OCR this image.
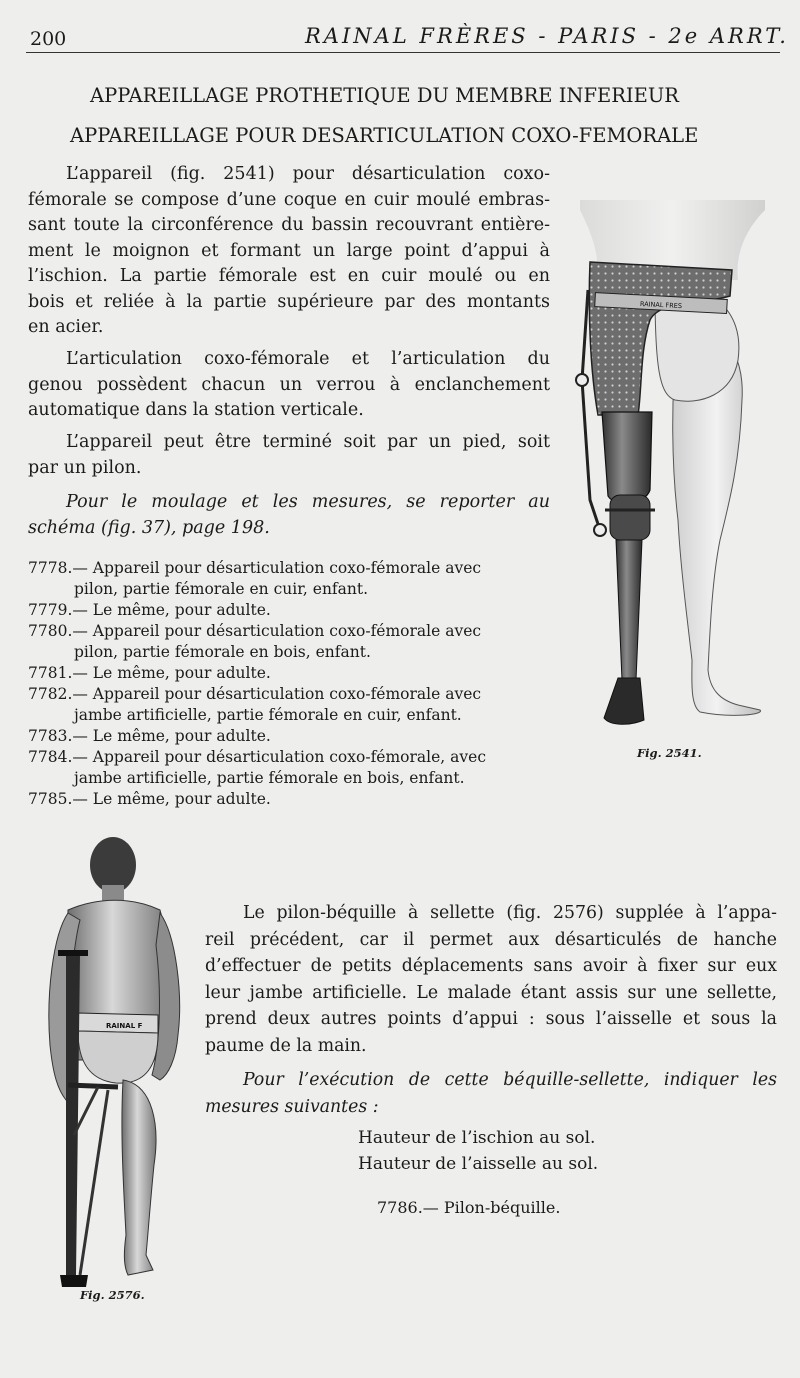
200	RAINAL FRÈRES - PARIS - 2e ARRT.
APPAREILLAGE PROTHETIQUE DU MEMBRE INFERIEUR
APPAREILLAGE POUR DESARTICULATION COXO-FEMORALE
L’appareil (fig. 2541) pour désarticulation coxo-
fémorale se compose d’une coque en cuir moulé embras-
sant toute la circonférence du bassin recouvrant entière-
ment le moignon et formant un large point d’appui à
l’ischion. La partie fémorale est en cuir moulé ou en
bois et reliée à la partie supérieure par des montants
en acier.
L’articulation coxo-fémorale et l’articulation du
genou possèdent chacun un verrou à enclanchement
automatique dans la station verticale.
L’appareil peut être terminé soit par un pied, soit
par un pilon.
Pour le moulage et les mesures, se reporter au
schéma (fig. 37), page 198.
7778.— Appareil pour désarticulation coxo-fémorale avec
pilon, partie fémorale en cuir, enfant.
7779.— Le même, pour adulte.
7780.— Appareil pour désarticulation coxo-fémorale avec
pilon, partie fémorale en bois, enfant.
7781.— Le même, pour adulte.
7782.— Appareil pour désarticulation coxo-fémorale avec
jambe artificielle, partie fémorale en cuir, enfant.
7783.— Le même, pour adulte.
7784.— Appareil pour désarticulation coxo-fémorale, avec
jambe artificielle, partie fémorale en bois, enfant.
7785.— Le même, pour adulte.
RAINAL FRES
Fig. 2541.
RAINAL F
Fig. 2576.
Le pilon-béquille à sellette (fig. 2576) supplée à l’appa-
reil précédent, car il permet aux désarticulés de hanche
d’effectuer de petits déplacements sans avoir à fixer sur eux
leur jambe artificielle. Le malade étant assis sur une sellette,
prend deux autres points d’appui : sous l’aisselle et sous la
paume de la main.
Pour l’exécution de cette béquille-sellette, indiquer les
mesures suivantes :
Hauteur de l’ischion au sol.
Hauteur de l’aisselle au sol.
7786.— Pilon-béquille.
